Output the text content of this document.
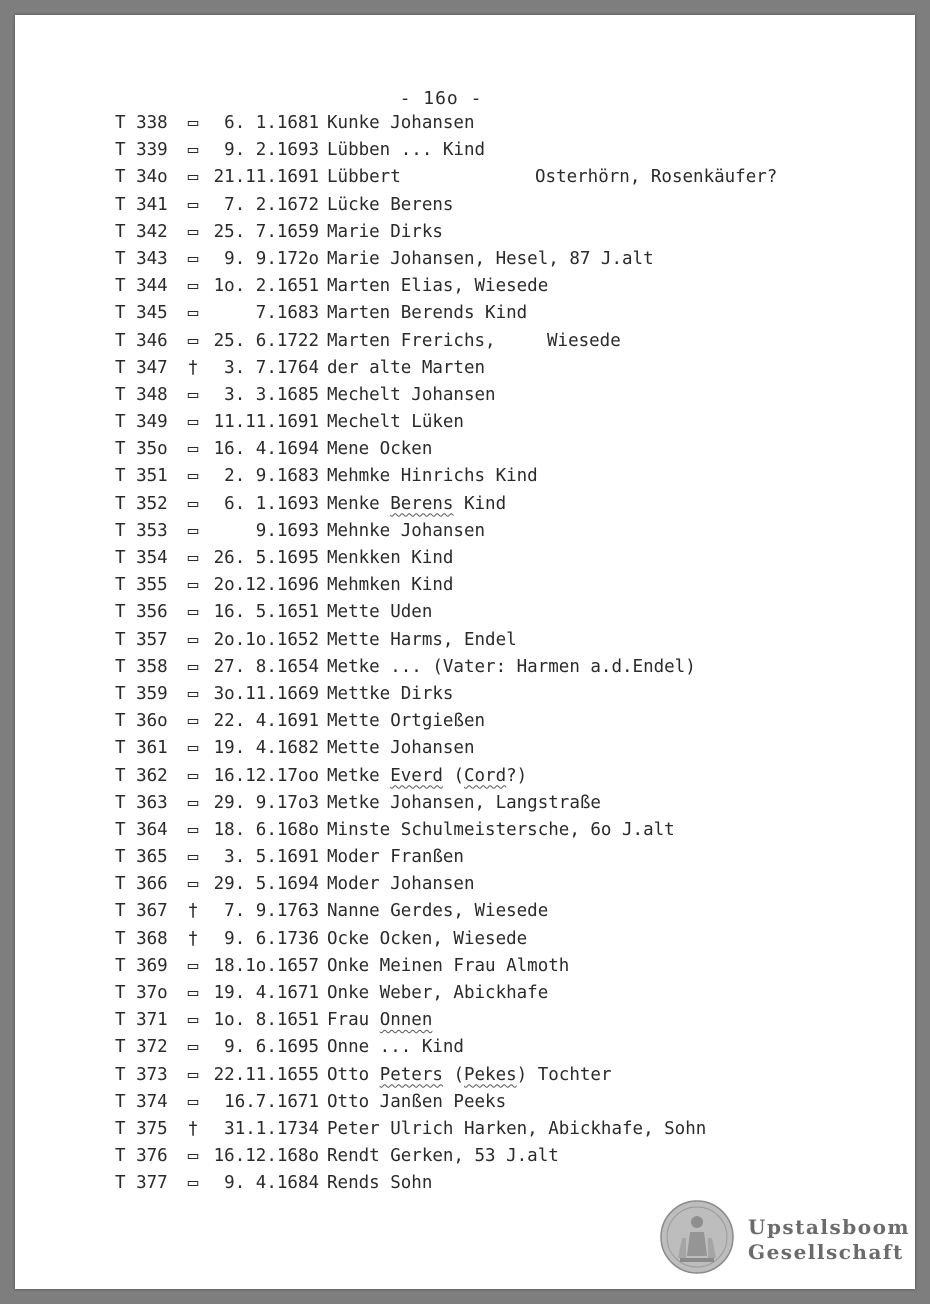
- 16o -
T 338 ▭	6. 1.1681 Kunke Johansen
T 339 ▭	9. 2.1693 Lübben ... Kind
T 34o ▭ 21.11.1691 Lübbert	Osterhörn, Rosenkäufer?
T 341 ▭	7. 2.1672 Lücke Berens
T 342 ▭ 25. 7.1659 Marie Dirks
T 343 ▭	9. 9.172o Marie Johansen, Hesel, 87 J.alt
T 344 ▭ 1o. 2.1651 Marten Elias, Wiesede
T 345 ▭	7.1683 Marten Berends Kind
T 346 ▭ 25. 6.1722 Marten Frerichs,	Wiesede
T 347 †	3. 7.1764 der alte Marten
T 348 ▭	3. 3.1685 Mechelt Johansen
T 349 ▭ 11.11.1691 Mechelt Lüken
T 35o ▭ 16. 4.1694 Mene Ocken
T 351 ▭	2. 9.1683 Mehmke Hinrichs Kind
T 352 ▭	6. 1.1693 Menke Berens Kind
T 353 ▭	9.1693 Mehnke Johansen
T 354 ▭ 26. 5.1695 Menkken Kind
T 355 ▭ 2o.12.1696 Mehmken Kind
T 356 ▭ 16. 5.1651 Mette Uden
T 357 ▭ 2o.1o.1652 Mette Harms, Endel
T 358 ▭ 27. 8.1654 Metke ... (Vater: Harmen a.d.Endel)
T 359 ▭ 3o.11.1669 Mettke Dirks
T 36o ▭ 22. 4.1691 Mette Ortgießen
T 361 ▭ 19. 4.1682 Mette Johansen
T 362 ▭ 16.12.17oo Metke Everd (Cord?)
T 363 ▭ 29. 9.17o3 Metke Johansen, Langstraße
T 364 ▭ 18. 6.168o Minste Schulmeistersche, 6o J.alt
T 365 ▭	3. 5.1691 Moder Franßen
T 366 ▭ 29. 5.1694 Moder Johansen
T 367 †	7. 9.1763 Nanne Gerdes, Wiesede
T 368 †	9. 6.1736 Ocke Ocken, Wiesede
T 369 ▭ 18.1o.1657 Onke Meinen Frau Almoth
T 37o ▭ 19. 4.1671 Onke Weber, Abickhafe
T 371 ▭ 1o. 8.1651 Frau Onnen
T 372 ▭	9. 6.1695 Onne ... Kind
T 373 ▭ 22.11.1655 Otto Peters (Pekes) Tochter
T 374 ▭	16.7.1671 Otto Janßen Peeks
T 375 †	31.1.1734 Peter Ulrich Harken, Abickhafe, Sohn
T 376 ▭ 16.12.168o Rendt Gerken, 53 J.alt
T 377 ▭	9. 4.1684 Rends Sohn
Upstalsboom
Gesellschaft
